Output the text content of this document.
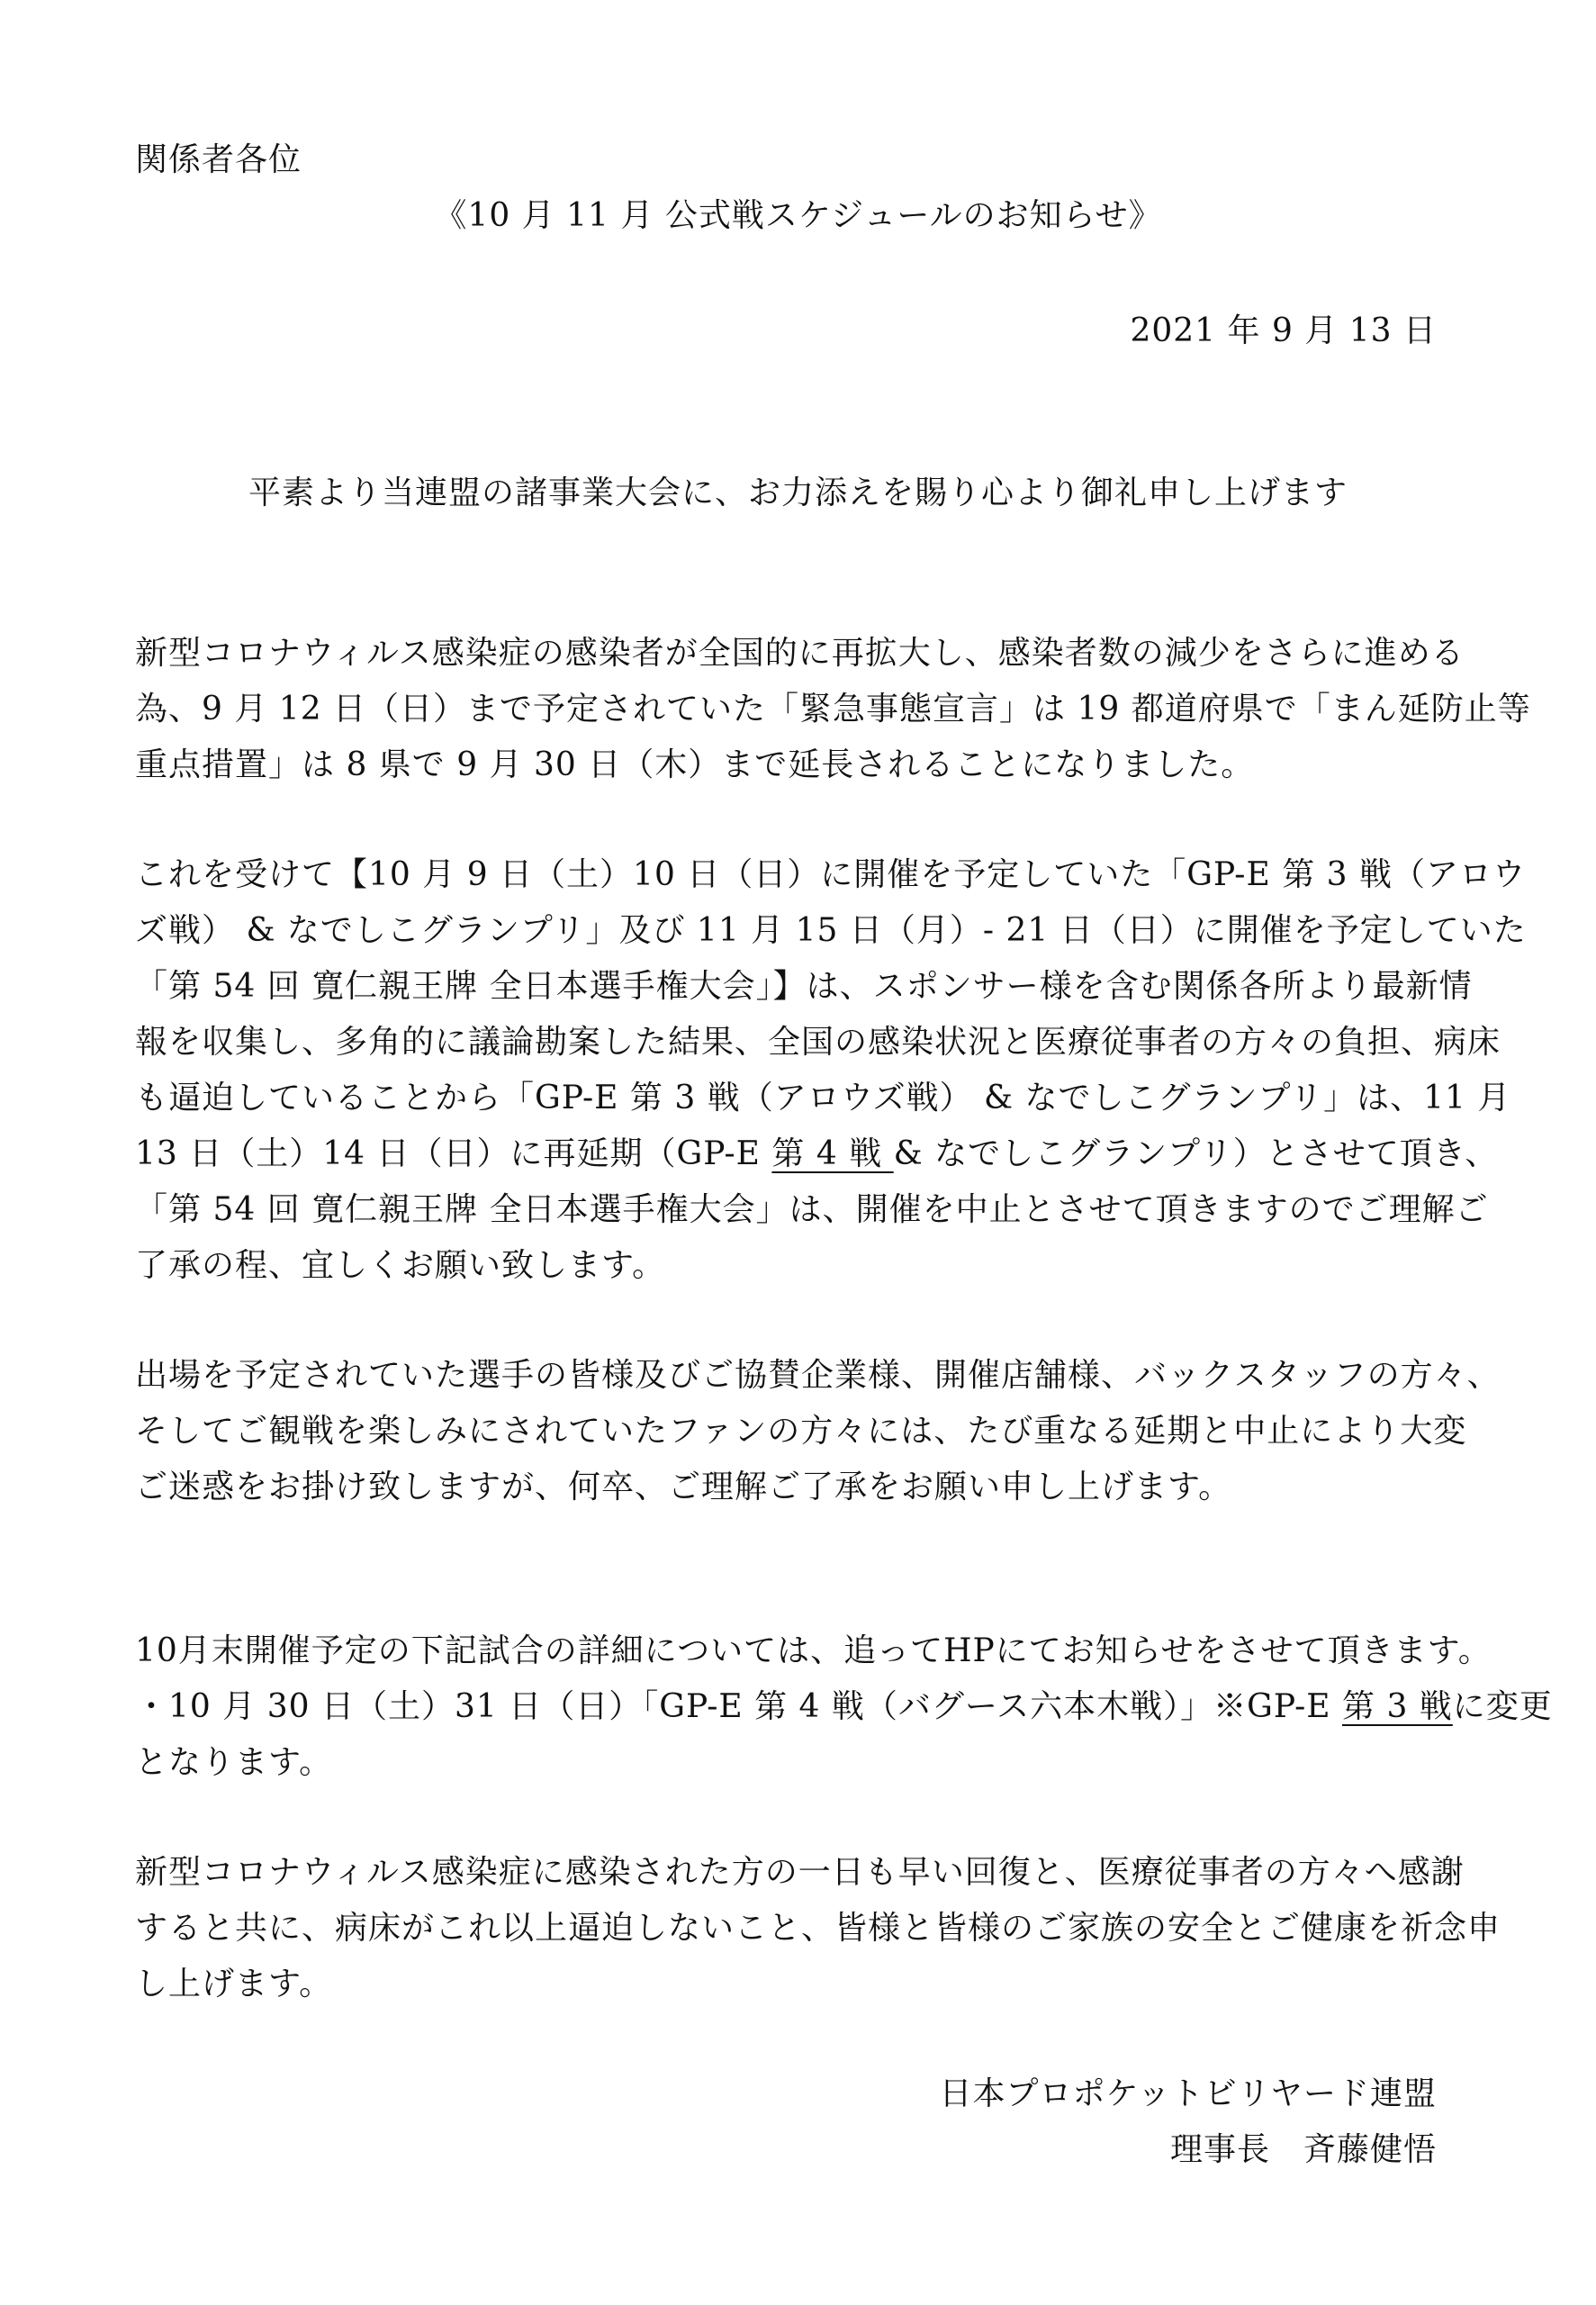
関係者各位
《10 月 11 月 公式戦スケジュールのお知らせ》
2021 年 9 月 13 日
平素より当連盟の諸事業大会に、お力添えを賜り心より御礼申し上げます
新型コロナウィルス感染症の感染者が全国的に再拡大し、感染者数の減少をさらに進める
為、9 月 12 日（日）まで予定されていた「緊急事態宣言」は 19 都道府県で「まん延防止等
重点措置」は 8 県で 9 月 30 日（木）まで延長されることになりました。
これを受けて【10 月 9 日（土）10 日（日）に開催を予定していた「GP-E 第 3 戦（アロウ
ズ戦） & なでしこグランプリ」及び 11 月 15 日（月）- 21 日（日）に開催を予定していた
「第 54 回 寛仁親王牌 全日本選手権大会」】は、スポンサー様を含む関係各所より最新情
報を収集し、多角的に議論勘案した結果、全国の感染状況と医療従事者の方々の負担、病床
も逼迫していることから「GP-E 第 3 戦（アロウズ戦） & なでしこグランプリ」は、11 月
13 日（土）14 日（日）に再延期（GP-E 第 4 戦 & なでしこグランプリ）とさせて頂き、
「第 54 回 寛仁親王牌 全日本選手権大会」は、開催を中止とさせて頂きますのでご理解ご
了承の程、宜しくお願い致します。
出場を予定されていた選手の皆様及びご協賛企業様、開催店舗様、バックスタッフの方々、
そしてご観戦を楽しみにされていたファンの方々には、たび重なる延期と中止により大変
ご迷惑をお掛け致しますが、何卒、ご理解ご了承をお願い申し上げます。
10月末開催予定の下記試合の詳細については、追ってHPにてお知らせをさせて頂きます。
・10 月 30 日（土）31 日（日）「GP-E 第 4 戦（バグース六本木戦）」※GP-E 第 3 戦に変更
となります。
新型コロナウィルス感染症に感染された方の一日も早い回復と、医療従事者の方々へ感謝
すると共に、病床がこれ以上逼迫しないこと、皆様と皆様のご家族の安全とご健康を祈念申
し上げます。
日本プロポケットビリヤード連盟
理事長　斉藤健悟
